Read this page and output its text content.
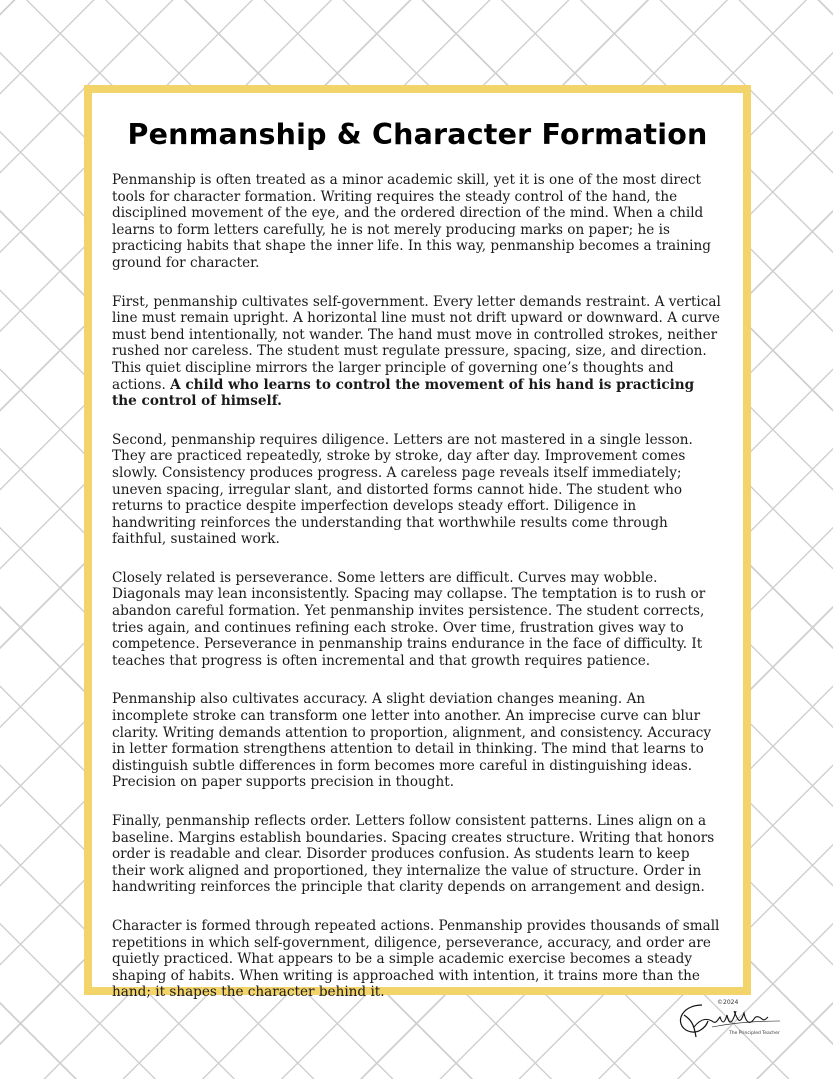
Penmanship & Character Formation

Penmanship is often treated as a minor academic skill, yet it is one of the most direct tools for character formation. Writing requires the steady control of the hand, the disciplined movement of the eye, and the ordered direction of the mind. When a child learns to form letters carefully, he is not merely producing marks on paper; he is practicing habits that shape the inner life. In this way, penmanship becomes a training ground for character.

First, penmanship cultivates self-government. Every letter demands restraint. A vertical line must remain upright. A horizontal line must not drift upward or downward. A curve must bend intentionally, not wander. The hand must move in controlled strokes, neither rushed nor careless. The student must regulate pressure, spacing, size, and direction. This quiet discipline mirrors the larger principle of governing one’s thoughts and actions. A child who learns to control the movement of his hand is practicing the control of himself.

Second, penmanship requires diligence. Letters are not mastered in a single lesson. They are practiced repeatedly, stroke by stroke, day after day. Improvement comes slowly. Consistency produces progress. A careless page reveals itself immediately; uneven spacing, irregular slant, and distorted forms cannot hide. The student who returns to practice despite imperfection develops steady effort. Diligence in handwriting reinforces the understanding that worthwhile results come through faithful, sustained work.

Closely related is perseverance. Some letters are difficult. Curves may wobble. Diagonals may lean inconsistently. Spacing may collapse. The temptation is to rush or abandon careful formation. Yet penmanship invites persistence. The student corrects, tries again, and continues refining each stroke. Over time, frustration gives way to competence. Perseverance in penmanship trains endurance in the face of difficulty. It teaches that progress is often incremental and that growth requires patience.

Penmanship also cultivates accuracy. A slight deviation changes meaning. An incomplete stroke can transform one letter into another. An imprecise curve can blur clarity. Writing demands attention to proportion, alignment, and consistency. Accuracy in letter formation strengthens attention to detail in thinking. The mind that learns to distinguish subtle differences in form becomes more careful in distinguishing ideas. Precision on paper supports precision in thought.

Finally, penmanship reflects order. Letters follow consistent patterns. Lines align on a baseline. Margins establish boundaries. Spacing creates structure. Writing that honors order is readable and clear. Disorder produces confusion. As students learn to keep their work aligned and proportioned, they internalize the value of structure. Order in handwriting reinforces the principle that clarity depends on arrangement and design.

Character is formed through repeated actions. Penmanship provides thousands of small repetitions in which self-government, diligence, perseverance, accuracy, and order are quietly practiced. What appears to be a simple academic exercise becomes a steady shaping of habits. When writing is approached with intention, it trains more than the hand; it shapes the character behind it.

©2024
The Principled Teacher
